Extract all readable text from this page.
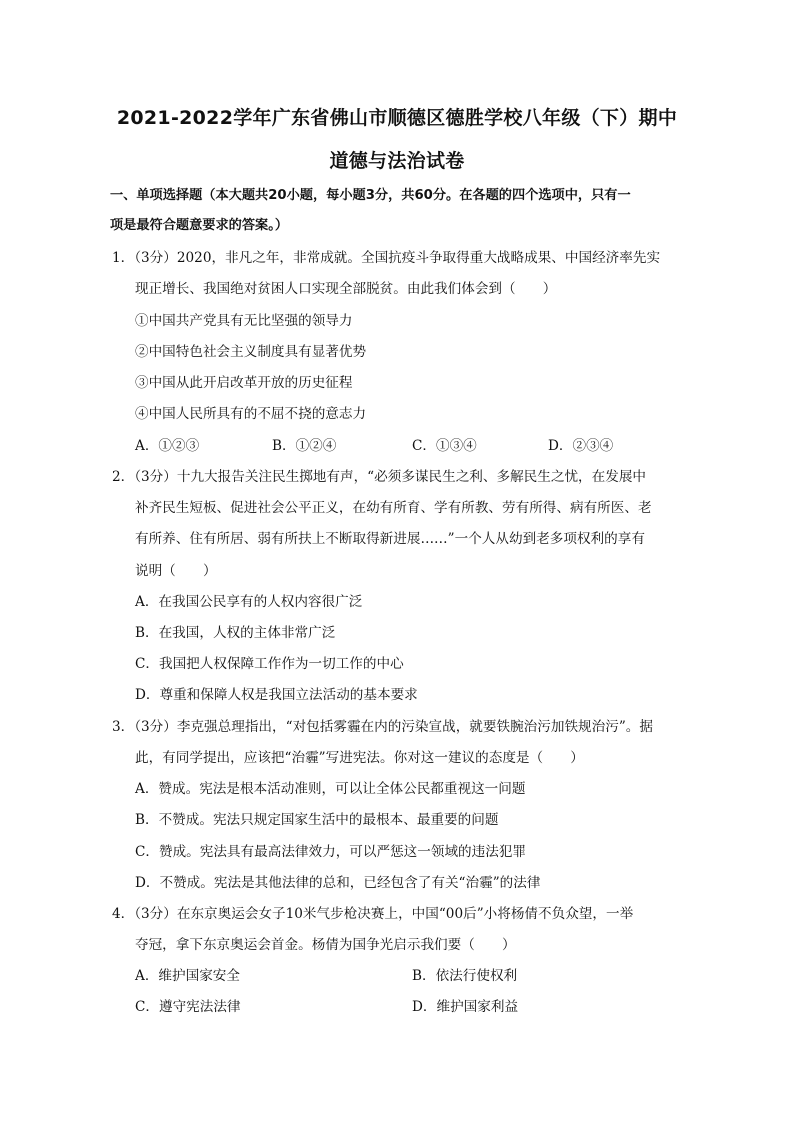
2021-2022学年广东省佛山市顺德区德胜学校八年级（下）期中
道德与法治试卷
一、单项选择题（本大题共20小题，每小题3分，共60分。在各题的四个选项中，只有一
项是最符合题意要求的答案。）
1．（3分）2020，非凡之年，非常成就。全国抗疫斗争取得重大战略成果、中国经济率先实
现正增长、我国绝对贫困人口实现全部脱贫。由此我们体会到（　　）
①中国共产党具有无比坚强的领导力
②中国特色社会主义制度具有显著优势
③中国从此开启改革开放的历史征程
④中国人民所具有的不屈不挠的意志力
A．①②③	B．①②④	C．①③④	D．②③④
2．（3分）十九大报告关注民生掷地有声，“必须多谋民生之利、多解民生之忧，在发展中
补齐民生短板、促进社会公平正义，在幼有所育、学有所教、劳有所得、病有所医、老
有所养、住有所居、弱有所扶上不断取得新进展……”一个人从幼到老多项权利的享有
说明（　　）
A．在我国公民享有的人权内容很广泛
B．在我国，人权的主体非常广泛
C．我国把人权保障工作作为一切工作的中心
D．尊重和保障人权是我国立法活动的基本要求
3．（3分）李克强总理指出，“对包括雾霾在内的污染宣战，就要铁腕治污加铁规治污”。据
此，有同学提出，应该把“治霾”写进宪法。你对这一建议的态度是（　　）
A．赞成。宪法是根本活动准则，可以让全体公民都重视这一问题
B．不赞成。宪法只规定国家生活中的最根本、最重要的问题
C．赞成。宪法具有最高法律效力，可以严惩这一领域的违法犯罪
D．不赞成。宪法是其他法律的总和，已经包含了有关“治霾”的法律
4．（3分）在东京奥运会女子10米气步枪决赛上，中国“00后”小将杨倩不负众望，一举
夺冠，拿下东京奥运会首金。杨倩为国争光启示我们要（　　）
A．维护国家安全	B．依法行使权利
C．遵守宪法法律	D．维护国家利益
